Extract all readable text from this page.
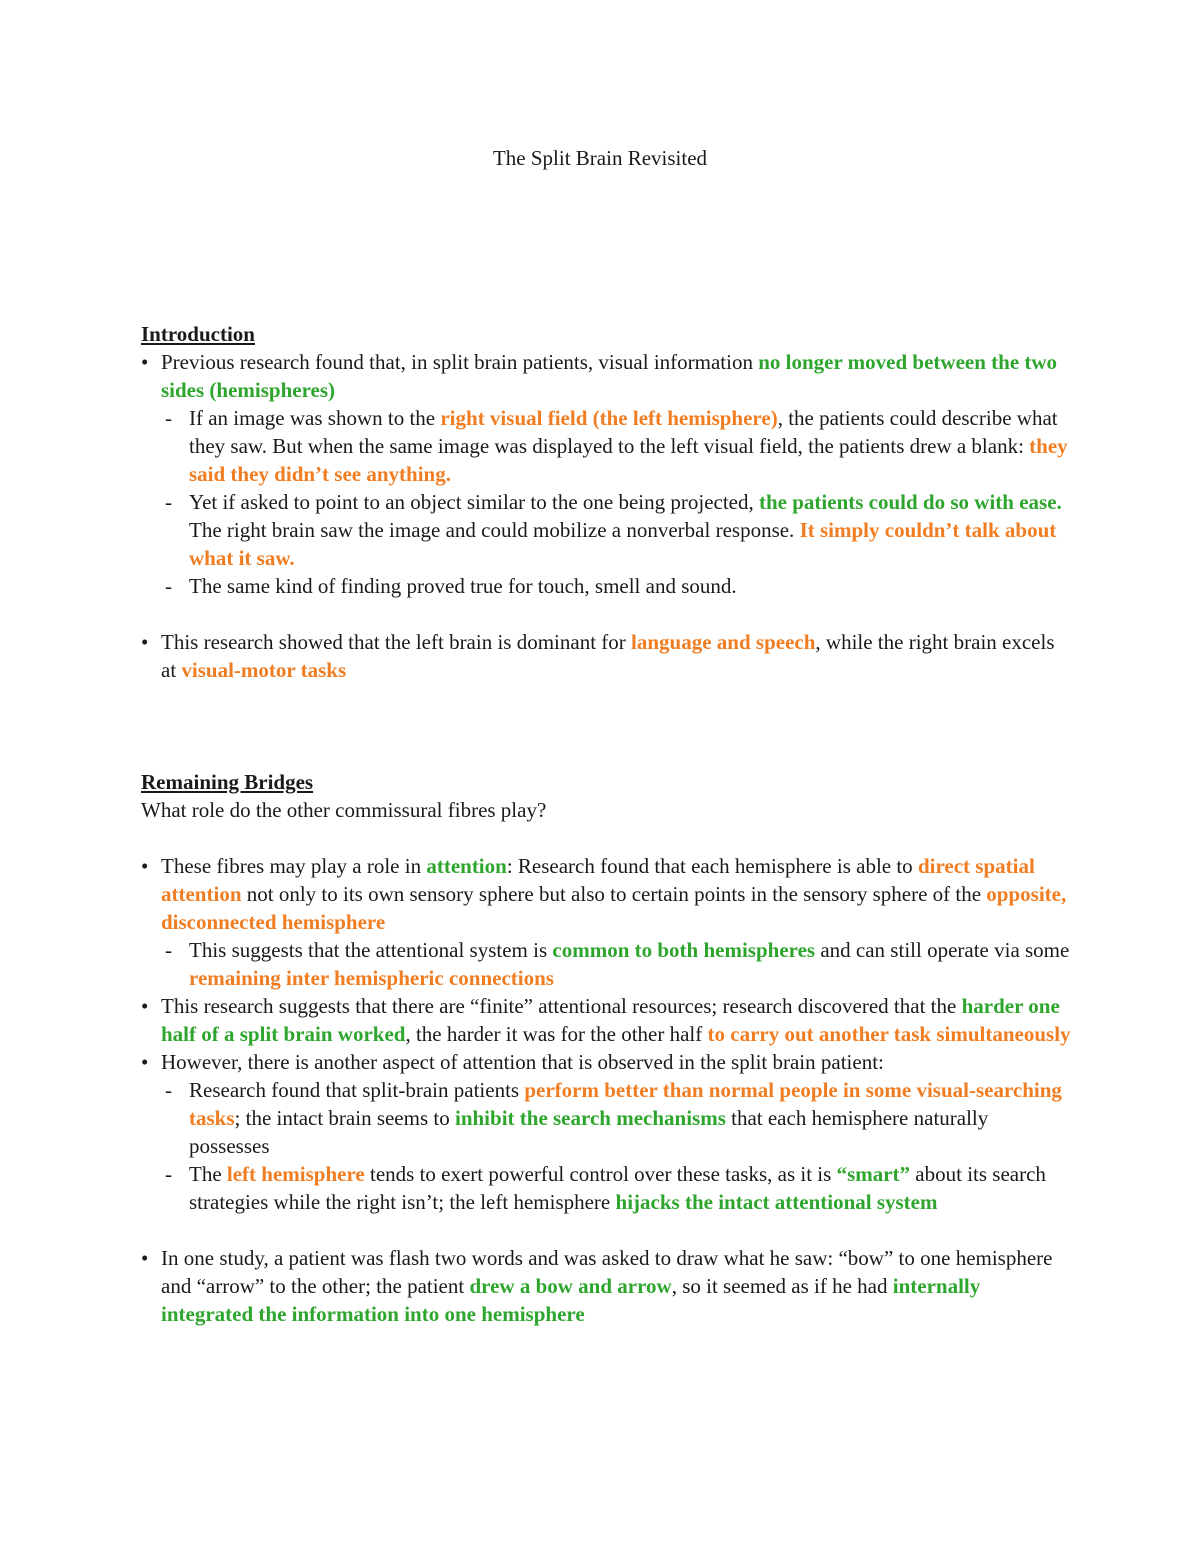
The Split Brain Revisited

Introduction

• Previous research found that, in split brain patients, visual information no longer moved between the two sides (hemispheres)

- If an image was shown to the right visual field (the left hemisphere), the patients could describe what they saw. But when the same image was displayed to the left visual field, the patients drew a blank: they said they didn’t see anything.

- Yet if asked to point to an object similar to the one being projected, the patients could do so with ease. The right brain saw the image and could mobilize a nonverbal response. It simply couldn’t talk about what it saw.

- The same kind of finding proved true for touch, smell and sound.

• This research showed that the left brain is dominant for language and speech, while the right brain excels at visual-motor tasks

Remaining Bridges

What role do the other commissural fibres play?

• These fibres may play a role in attention: Research found that each hemisphere is able to direct spatial attention not only to its own sensory sphere but also to certain points in the sensory sphere of the opposite, disconnected hemisphere

- This suggests that the attentional system is common to both hemispheres and can still operate via some remaining inter hemispheric connections

• This research suggests that there are “finite” attentional resources; research discovered that the harder one half of a split brain worked, the harder it was for the other half to carry out another task simultaneously

• However, there is another aspect of attention that is observed in the split brain patient:

- Research found that split-brain patients perform better than normal people in some visual-searching tasks; the intact brain seems to inhibit the search mechanisms that each hemisphere naturally possesses

- The left hemisphere tends to exert powerful control over these tasks, as it is “smart” about its search strategies while the right isn’t; the left hemisphere hijacks the intact attentional system

• In one study, a patient was flash two words and was asked to draw what he saw: “bow” to one hemisphere and “arrow” to the other; the patient drew a bow and arrow, so it seemed as if he had internally integrated the information into one hemisphere
